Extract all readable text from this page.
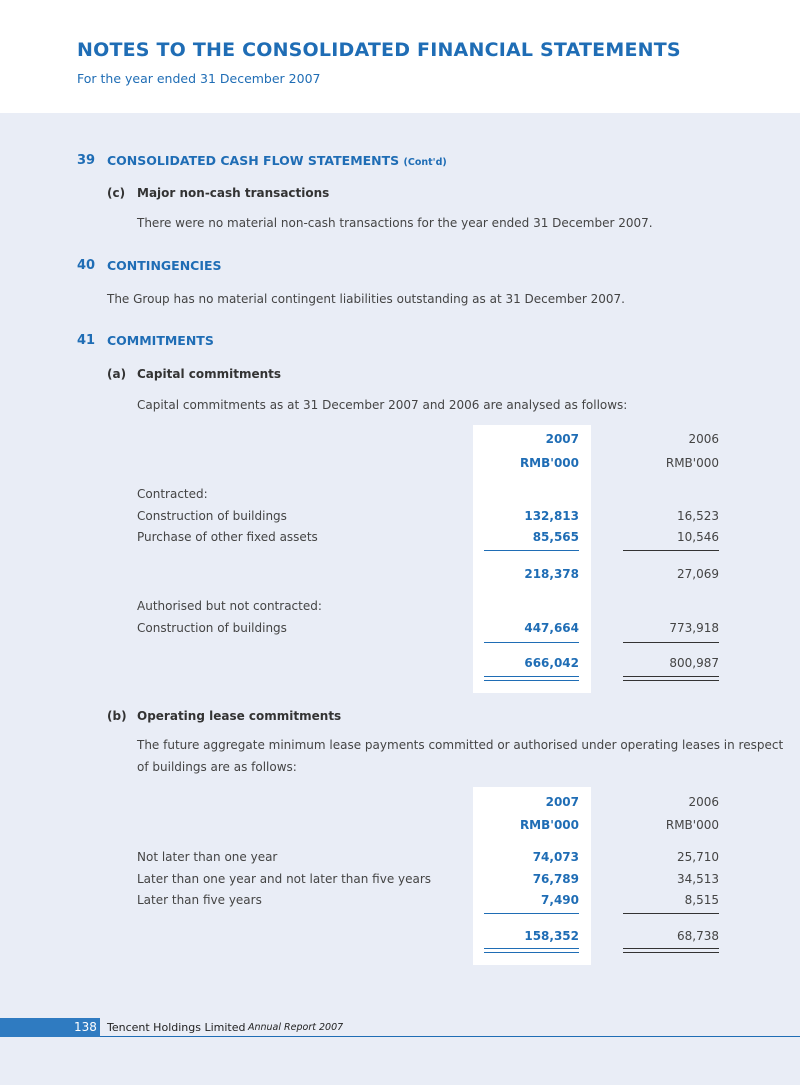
NOTES TO THE CONSOLIDATED FINANCIAL STATEMENTS
For the year ended 31 December 2007
39 CONSOLIDATED CASH FLOW STATEMENTS (Cont'd)
(c) Major non-cash transactions
There were no material non-cash transactions for the year ended 31 December 2007.
40 CONTINGENCIES
The Group has no material contingent liabilities outstanding as at 31 December 2007.
41 COMMITMENTS
(a) Capital commitments
Capital commitments as at 31 December 2007 and 2006 are analysed as follows:
2007	2006
RMB'000	RMB'000
Contracted:
Construction of buildings	132,813	16,523
Purchase of other fixed assets	85,565	10,546
218,378	27,069
Authorised but not contracted:
Construction of buildings	447,664	773,918
666,042	800,987
(b) Operating lease commitments
The future aggregate minimum lease payments committed or authorised under operating leases in respect
of buildings are as follows:
2007	2006
RMB'000	RMB'000
Not later than one year	74,073	25,710
Later than one year and not later than five years	76,789	34,513
Later than five years	7,490	8,515
158,352	68,738
138 Tencent Holdings Limited Annual Report 2007
